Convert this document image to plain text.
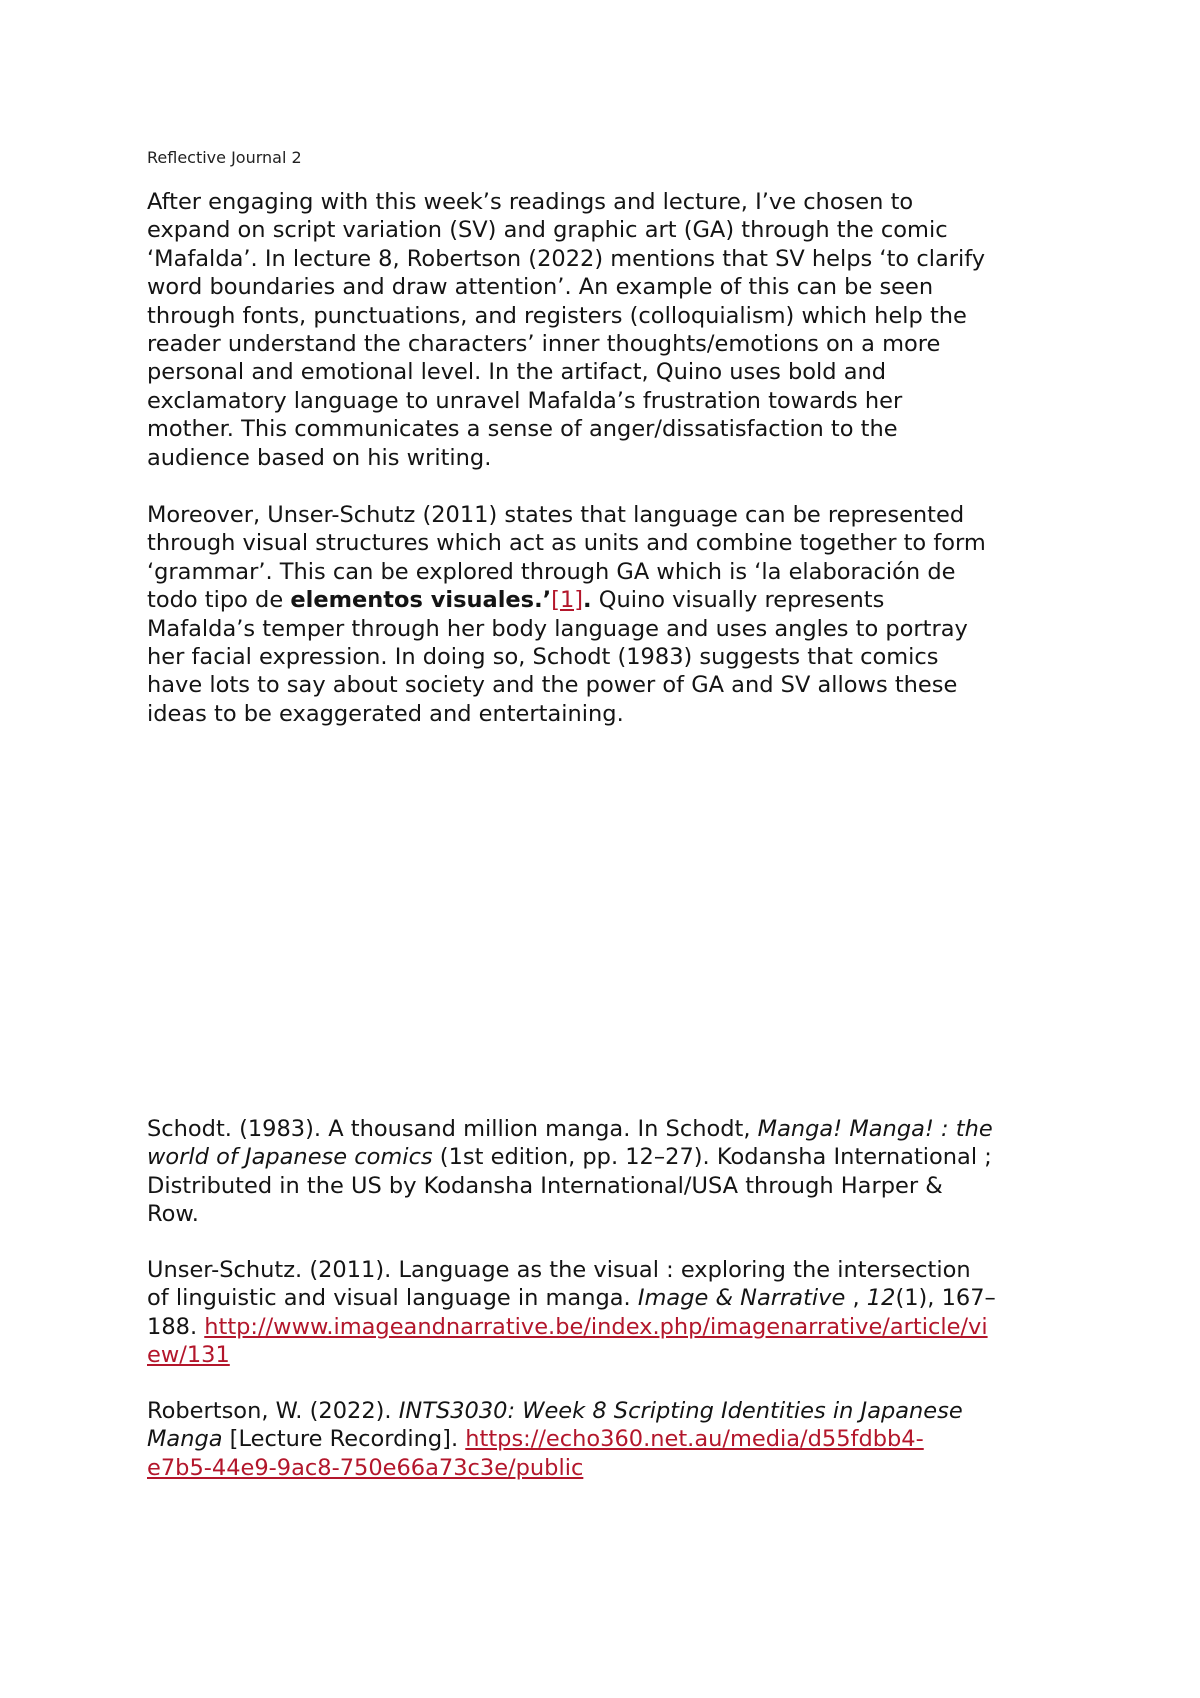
Reflective Journal 2

After engaging with this week’s readings and lecture, I’ve chosen to

expand on script variation (SV) and graphic art (GA) through the comic

‘Mafalda’. In lecture 8, Robertson (2022) mentions that SV helps ‘to clarify

word boundaries and draw attention’. An example of this can be seen

through fonts, punctuations, and registers (colloquialism) which help the

reader understand the characters’ inner thoughts/emotions on a more

personal and emotional level. In the artifact, Quino uses bold and

exclamatory language to unravel Mafalda’s frustration towards her

mother. This communicates a sense of anger/dissatisfaction to the

audience based on his writing.

Moreover, Unser-Schutz (2011) states that language can be represented

through visual structures which act as units and combine together to form

‘grammar’. This can be explored through GA which is ‘la elaboración de

todo tipo de elementos visuales.’[1]. Quino visually represents

Mafalda’s temper through her body language and uses angles to portray

her facial expression. In doing so, Schodt (1983) suggests that comics

have lots to say about society and the power of GA and SV allows these

ideas to be exaggerated and entertaining.

Schodt. (1983). A thousand million manga. In Schodt, Manga! Manga! : the

world of Japanese comics (1st edition, pp. 12–27). Kodansha International ;

Distributed in the US by Kodansha International/USA through Harper &

Row.

Unser-Schutz. (2011). Language as the visual : exploring the intersection

of linguistic and visual language in manga. Image & Narrative , 12(1), 167–

188. http://www.imageandnarrative.be/index.php/imagenarrative/article/vi

ew/131

Robertson, W. (2022). INTS3030: Week 8 Scripting Identities in Japanese

Manga [Lecture Recording]. https://echo360.net.au/media/d55fdbb4-

e7b5-44e9-9ac8-750e66a73c3e/public
